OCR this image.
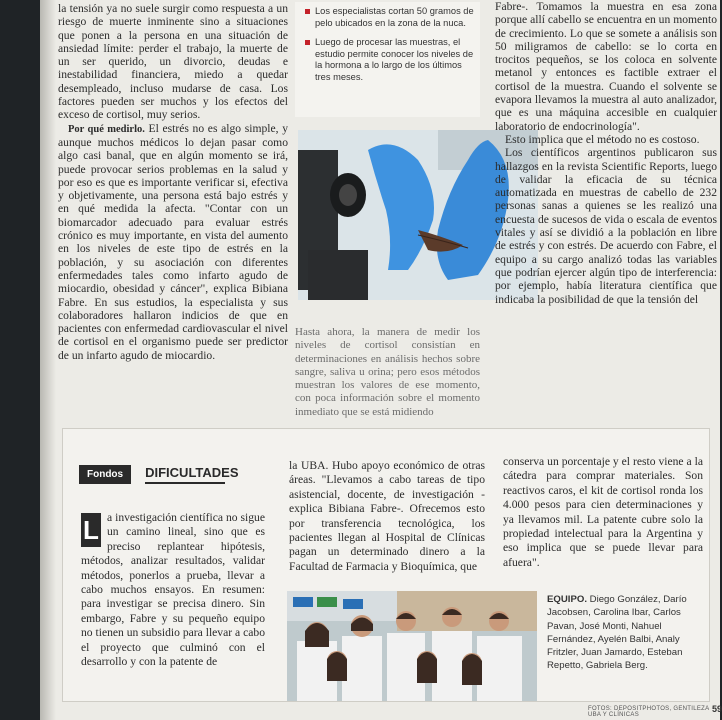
la tensión ya no suele surgir como respuesta a un riesgo de muerte inminente sino a situaciones que ponen a la persona en una situación de ansiedad límite: perder el trabajo, la muerte de un ser querido, un divorcio, deudas e inestabilidad financiera, miedo a quedar desempleado, incluso mudarse de casa. Los factores pueden ser muchos y los efectos del exceso de cortisol, muy serios.

Por qué medirlo. El estrés no es algo simple, y aunque muchos médicos lo dejan pasar como algo casi banal, que en algún momento se irá, puede provocar serios problemas en la salud y por eso es que es importante verificar si, efectiva y objetivamente, una persona está bajo estrés y en qué medida la afecta. "Contar con un biomarcador adecuado para evaluar estrés crónico es muy importante, en vista del aumento en los niveles de este tipo de estrés en la población, y su asociación con diferentes enfermedades tales como infarto agudo de miocardio, obesidad y cáncer", explica Bibiana Fabre. En sus estudios, la especialista y sus colaboradores hallaron indicios de que en pacientes con enfermedad cardiovascular el nivel de cortisol en el organismo puede ser predictor de un infarto agudo de miocardio.

Los especialistas cortan 50 gramos de pelo ubicados en la zona de la nuca.
Luego de procesar las muestras, el estudio permite conocer los niveles de la hormona a lo largo de los últimos tres meses.

Hasta ahora, la manera de medir los niveles de cortisol consistían en determinaciones en análisis hechos sobre sangre, saliva u orina; pero esos métodos muestran los valores de ese momento, con poca información sobre el momento inmediato que se está midiendo

Fabre-. Tomamos la muestra en esa zona porque allí cabello se encuentra en un momento de crecimiento. Lo que se somete a análisis son 50 miligramos de cabello: se lo corta en trocitos pequeños, se los coloca en solvente metanol y entonces es factible extraer el cortisol de la muestra. Cuando el solvente se evapora llevamos la muestra al auto analizador, que es una máquina accesible en cualquier laboratorio de endocrinología".

Esto implica que el método no es costoso.

Los científicos argentinos publicaron sus hallazgos en la revista Scientific Reports, luego de validar la eficacia de su técnica automatizada en muestras de cabello de 232 personas sanas a quienes se les realizó una encuesta de sucesos de vida o escala de eventos vitales y así se dividió a la población en libre de estrés y con estrés. De acuerdo con Fabre, el equipo a su cargo analizó todas las variables que podrían ejercer algún tipo de interferencia: por ejemplo, había literatura científica que indicaba la posibilidad de que la tensión del

Fondos	DIFICULTADES

L a investigación científica no sigue un camino lineal, sino que es preciso replantear hipótesis, métodos, analizar resultados, validar métodos, ponerlos a prueba, llevar a cabo muchos ensayos. En resumen: para investigar se precisa dinero. Sin embargo, Fabre y su pequeño equipo no tienen un subsidio para llevar a cabo el proyecto que culminó con el desarrollo y con la patente de

la UBA. Hubo apoyo económico de otras áreas. "Llevamos a cabo tareas de tipo asistencial, docente, de investigación -explica Bibiana Fabre-. Ofrecemos esto por transferencia tecnológica, los pacientes llegan al Hospital de Clínicas pagan un determinado dinero a la Facultad de Farmacia y Bioquímica, que

conserva un porcentaje y el resto viene a la cátedra para comprar materiales. Son reactivos caros, el kit de cortisol ronda los 4.000 pesos para cien determinaciones y ya llevamos mil. La patente cubre solo la propiedad intelectual para la Argentina y eso implica que se puede llevar para afuera".

EQUIPO. Diego González, Darío Jacobsen, Carolina Ibar, Carlos Pavan, José Monti, Nahuel Fernández, Ayelén Balbi, Analy Fritzler, Juan Jamardo, Esteban Repetto, Gabriela Berg.
FOTOS: DEPOSITPHOTOS, GENTILEZA UBA Y CLÍNICAS
59
